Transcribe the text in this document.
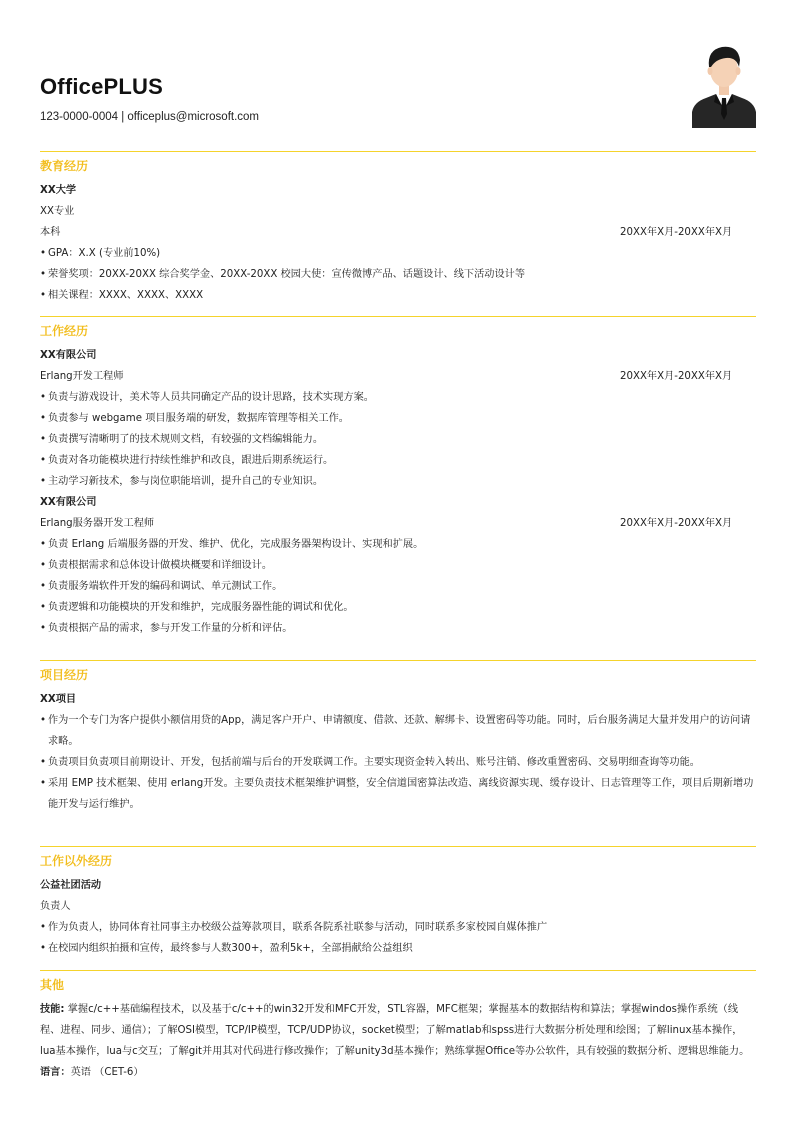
OfficePLUS
123-0000-0004 | officeplus@microsoft.com
教育经历
XX大学
XX专业
本科	20XX年X月-20XX年X月
• GPA：X.X (专业前10%)
• 荣誉奖项：20XX-20XX 综合奖学金、20XX-20XX 校园大使：宣传微博产品、话题设计、线下活动设计等
• 相关课程：XXXX、XXXX、XXXX
工作经历
XX有限公司
Erlang开发工程师	20XX年X月-20XX年X月
• 负责与游戏设计，美术等人员共同确定产品的设计思路，技术实现方案。
• 负责参与 webgame 项目服务端的研发，数据库管理等相关工作。
• 负责撰写清晰明了的技术规则文档，有较强的文档编辑能力。
• 负责对各功能模块进行持续性维护和改良，跟进后期系统运行。
• 主动学习新技术，参与岗位职能培训，提升自己的专业知识。
XX有限公司
Erlang服务器开发工程师	20XX年X月-20XX年X月
• 负责 Erlang 后端服务器的开发、维护、优化，完成服务器架构设计、实现和扩展。
• 负责根据需求和总体设计做模块概要和详细设计。
• 负责服务端软件开发的编码和调试、单元测试工作。
• 负责逻辑和功能模块的开发和维护，完成服务器性能的调试和优化。
• 负责根据产品的需求，参与开发工作量的分析和评估。
项目经历
XX项目
• 作为一个专门为客户提供小额信用贷的App，满足客户开户、申请额度、借款、还款、解绑卡、设置密码等功能。同时，后台服务满足大量并发用户的访问请求略。
• 负责项目负责项目前期设计、开发，包括前端与后台的开发联调工作。主要实现资金转入转出、账号注销、修改重置密码、交易明细查询等功能。
• 采用 EMP 技术框架、使用 erlang开发。主要负责技术框架维护调整，安全信道国密算法改造、离线资源实现、缓存设计、日志管理等工作，项目后期新增功能开发与运行维护。
工作以外经历
公益社团活动
负责人
• 作为负责人，协同体育社同事主办校级公益筹款项目，联系各院系社联参与活动，同时联系多家校园自媒体推广
• 在校园内组织拍摄和宣传，最终参与人数300+，盈利5k+，全部捐献给公益组织
其他
技能: 掌握c/c++基础编程技术，以及基于c/c++的win32开发和MFC开发，STL容器，MFC框架；掌握基本的数据结构和算法；掌握windos操作系统（线程、进程、同步、通信）；了解OSI模型，TCP/IP模型，TCP/UDP协议，socket模型；了解matlab和spss进行大数据分析处理和绘图；了解linux基本操作，lua基本操作，lua与c交互；了解git并用其对代码进行修改操作；了解unity3d基本操作；熟练掌握Office等办公软件，具有较强的数据分析、逻辑思维能力。
语言：英语 （CET-6）
